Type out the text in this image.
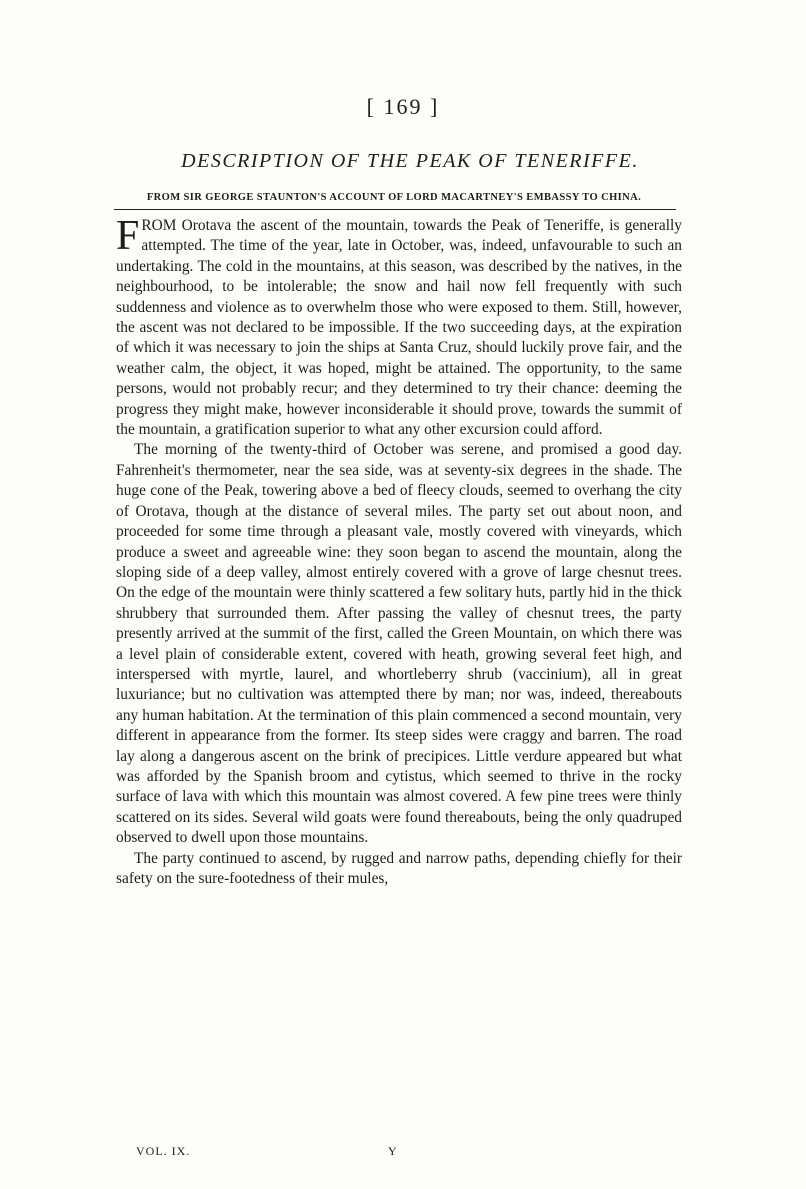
[ 169 ]
DESCRIPTION OF THE PEAK OF TENERIFFE.
FROM SIR GEORGE STAUNTON'S ACCOUNT OF LORD MACARTNEY'S EMBASSY TO CHINA.

FROM Orotava the ascent of the mountain, towards the Peak of Teneriffe, is generally attempted. The time of the year, late in October, was, indeed, unfavourable to such an undertaking. The cold in the mountains, at this season, was described by the natives, in the neighbourhood, to be intolerable; the snow and hail now fell frequently with such suddenness and violence as to overwhelm those who were exposed to them. Still, however, the ascent was not declared to be impossible. If the two succeeding days, at the expiration of which it was necessary to join the ships at Santa Cruz, should luckily prove fair, and the weather calm, the object, it was hoped, might be attained. The opportunity, to the same persons, would not probably recur; and they determined to try their chance: deeming the progress they might make, however inconsiderable it should prove, towards the summit of the mountain, a gratification superior to what any other excursion could afford.

The morning of the twenty-third of October was serene, and promised a good day. Fahrenheit's thermometer, near the sea side, was at seventy-six degrees in the shade. The huge cone of the Peak, towering above a bed of fleecy clouds, seemed to overhang the city of Orotava, though at the distance of several miles. The party set out about noon, and proceeded for some time through a pleasant vale, mostly covered with vineyards, which produce a sweet and agreeable wine: they soon began to ascend the mountain, along the sloping side of a deep valley, almost entirely covered with a grove of large chesnut trees. On the edge of the mountain were thinly scattered a few solitary huts, partly hid in the thick shrubbery that surrounded them. After passing the valley of chesnut trees, the party presently arrived at the summit of the first, called the Green Mountain, on which there was a level plain of considerable extent, covered with heath, growing several feet high, and interspersed with myrtle, laurel, and whortleberry shrub (vaccinium), all in great luxuriance; but no cultivation was attempted there by man; nor was, indeed, thereabouts any human habitation. At the termination of this plain commenced a second mountain, very different in appearance from the former. Its steep sides were craggy and barren. The road lay along a dangerous ascent on the brink of precipices. Little verdure appeared but what was afforded by the Spanish broom and cytistus, which seemed to thrive in the rocky surface of lava with which this mountain was almost covered. A few pine trees were thinly scattered on its sides. Several wild goats were found thereabouts, being the only quadruped observed to dwell upon those mountains.

The party continued to ascend, by rugged and narrow paths, depending chiefly for their safety on the sure-footedness of their mules,

VOL. IX.	Y
